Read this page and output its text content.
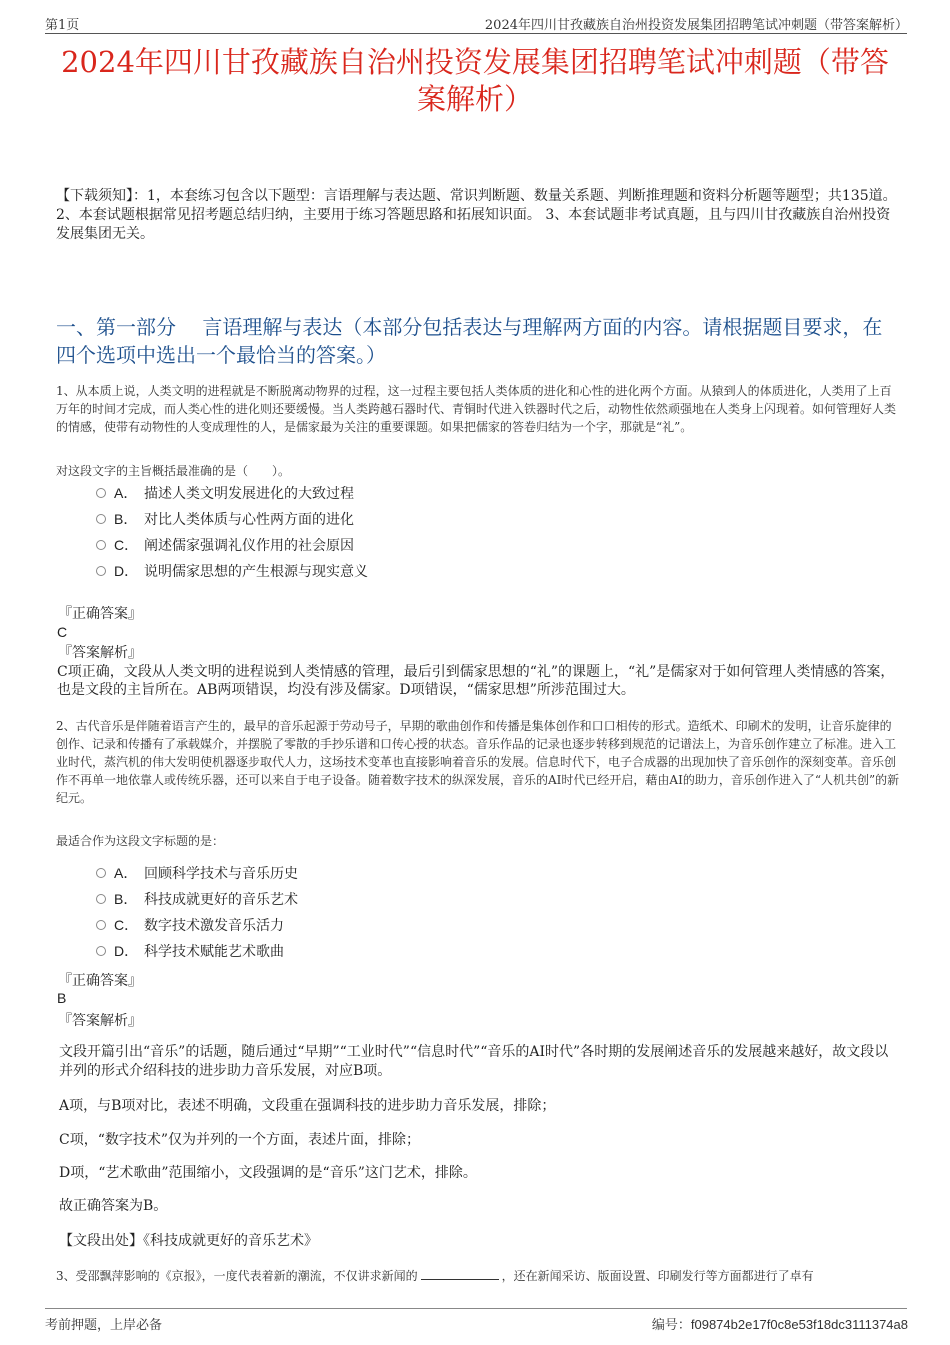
第1页	2024年四川甘孜藏族自治州投资发展集团招聘笔试冲刺题（带答案解析）
2024年四川甘孜藏族自治州投资发展集团招聘笔试冲刺题（带答案解析）
【下载须知】：1，本套练习包含以下题型：言语理解与表达题、常识判断题、数量关系题、判断推理题和资料分析题等题型；共135道。 2、本套试题根据常见招考题总结归纳，主要用于练习答题思路和拓展知识面。 3、本套试题非考试真题，且与四川甘孜藏族自治州投资发展集团无关。
一、第一部分　 言语理解与表达（本部分包括表达与理解两方面的内容。请根据题目要求，在四个选项中选出一个最恰当的答案。）
1、从本质上说，人类文明的进程就是不断脱离动物界的过程，这一过程主要包括人类体质的进化和心性的进化两个方面。从猿到人的体质进化，人类用了上百万年的时间才完成，而人类心性的进化则还要缓慢。当人类跨越石器时代、青铜时代进入铁器时代之后，动物性依然顽强地在人类身上闪现着。如何管理好人类的情感，使带有动物性的人变成理性的人，是儒家最为关注的重要课题。如果把儒家的答卷归结为一个字，那就是“礼”。
对这段文字的主旨概括最准确的是（　　）。
A． 描述人类文明发展进化的大致过程
B． 对比人类体质与心性两方面的进化
C． 阐述儒家强调礼仪作用的社会原因
D． 说明儒家思想的产生根源与现实意义
『正确答案』
C
『答案解析』
C项正确，文段从人类文明的进程说到人类情感的管理，最后引到儒家思想的“礼”的课题上，“礼”是儒家对于如何管理人类情感的答案，也是文段的主旨所在。AB两项错误，均没有涉及儒家。D项错误，“儒家思想”所涉范围过大。
2、古代音乐是伴随着语言产生的，最早的音乐起源于劳动号子，早期的歌曲创作和传播是集体创作和口口相传的形式。造纸术、印刷术的发明，让音乐旋律的创作、记录和传播有了承载媒介，并摆脱了零散的手抄乐谱和口传心授的状态。音乐作品的记录也逐步转移到规范的记谱法上，为音乐创作建立了标准。进入工业时代，蒸汽机的伟大发明使机器逐步取代人力，这场技术变革也直接影响着音乐的发展。信息时代下，电子合成器的出现加快了音乐创作的深刻变革。音乐创作不再单一地依靠人或传统乐器，还可以来自于电子设备。随着数字技术的纵深发展，音乐的AI时代已经开启，藉由AI的助力，音乐创作进入了“人机共创”的新纪元。
最适合作为这段文字标题的是：
A． 回顾科学技术与音乐历史
B． 科技成就更好的音乐艺术
C． 数字技术激发音乐活力
D． 科学技术赋能艺术歌曲
『正确答案』
B
『答案解析』
文段开篇引出“音乐”的话题，随后通过“早期”“工业时代”“信息时代”“音乐的AI时代”各时期的发展阐述音乐的发展越来越好，故文段以并列的形式介绍科技的进步助力音乐发展，对应B项。
A项，与B项对比，表述不明确，文段重在强调科技的进步助力音乐发展，排除；
C项，“数字技术”仅为并列的一个方面，表述片面，排除；
D项，“艺术歌曲”范围缩小，文段强调的是“音乐”这门艺术，排除。
故正确答案为B。
【文段出处】《科技成就更好的音乐艺术》
3、受邵飘萍影响的《京报》，一度代表着新的潮流，不仅讲求新闻的	，还在新闻采访、版面设置、印刷发行等方面都进行了卓有
考前押题，上岸必备	编号：f09874b2e17f0c8e53f18dc3111374a8
